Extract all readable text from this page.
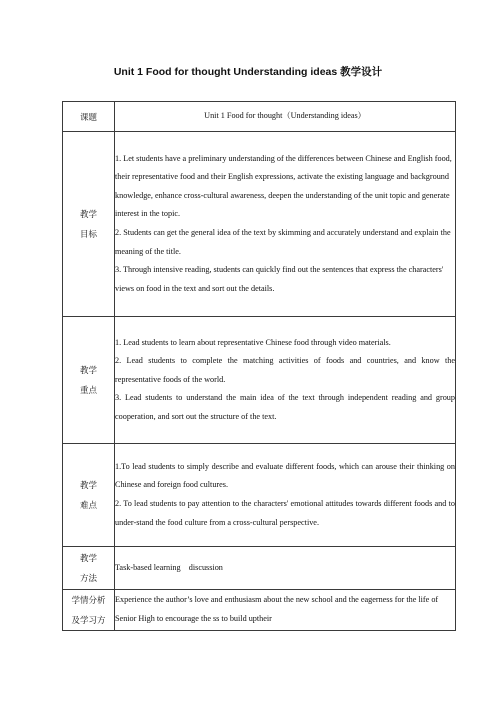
Unit 1 Food for thought Understanding ideas 教学设计
课题	Unit 1 Food for thought（Understanding ideas）

教学
目标	1. Let students have a preliminary understanding of the differences between Chinese and English food, their representative food and their English expressions, activate the existing language and background knowledge, enhance cross-cultural awareness, deepen the understanding of the unit topic and generate interest in the topic.
2. Students can get the general idea of the text by skimming and accurately understand and explain the meaning of the title.
3. Through intensive reading, students can quickly find out the sentences that express the characters' views on food in the text and sort out the details.

教学
重点	1. Lead students to learn about representative Chinese food through video materials.
2. Lead students to complete the matching activities of foods and countries, and know the representative foods of the world.
3. Lead students to understand the main idea of the text through independent reading and group cooperation, and sort out the structure of the text.

教学
难点	1.To lead students to simply describe and evaluate different foods, which can arouse their thinking on Chinese and foreign food cultures.
2. To lead students to pay attention to the characters' emotional attitudes towards different foods and to under-stand the food culture from a cross-cultural perspective.

教学
方法	Task-based learning    discussion

学情分析
及学习方	Experience the author’s love and enthusiasm about the new school and the eagerness for the life of Senior High to encourage the ss to build uptheir
